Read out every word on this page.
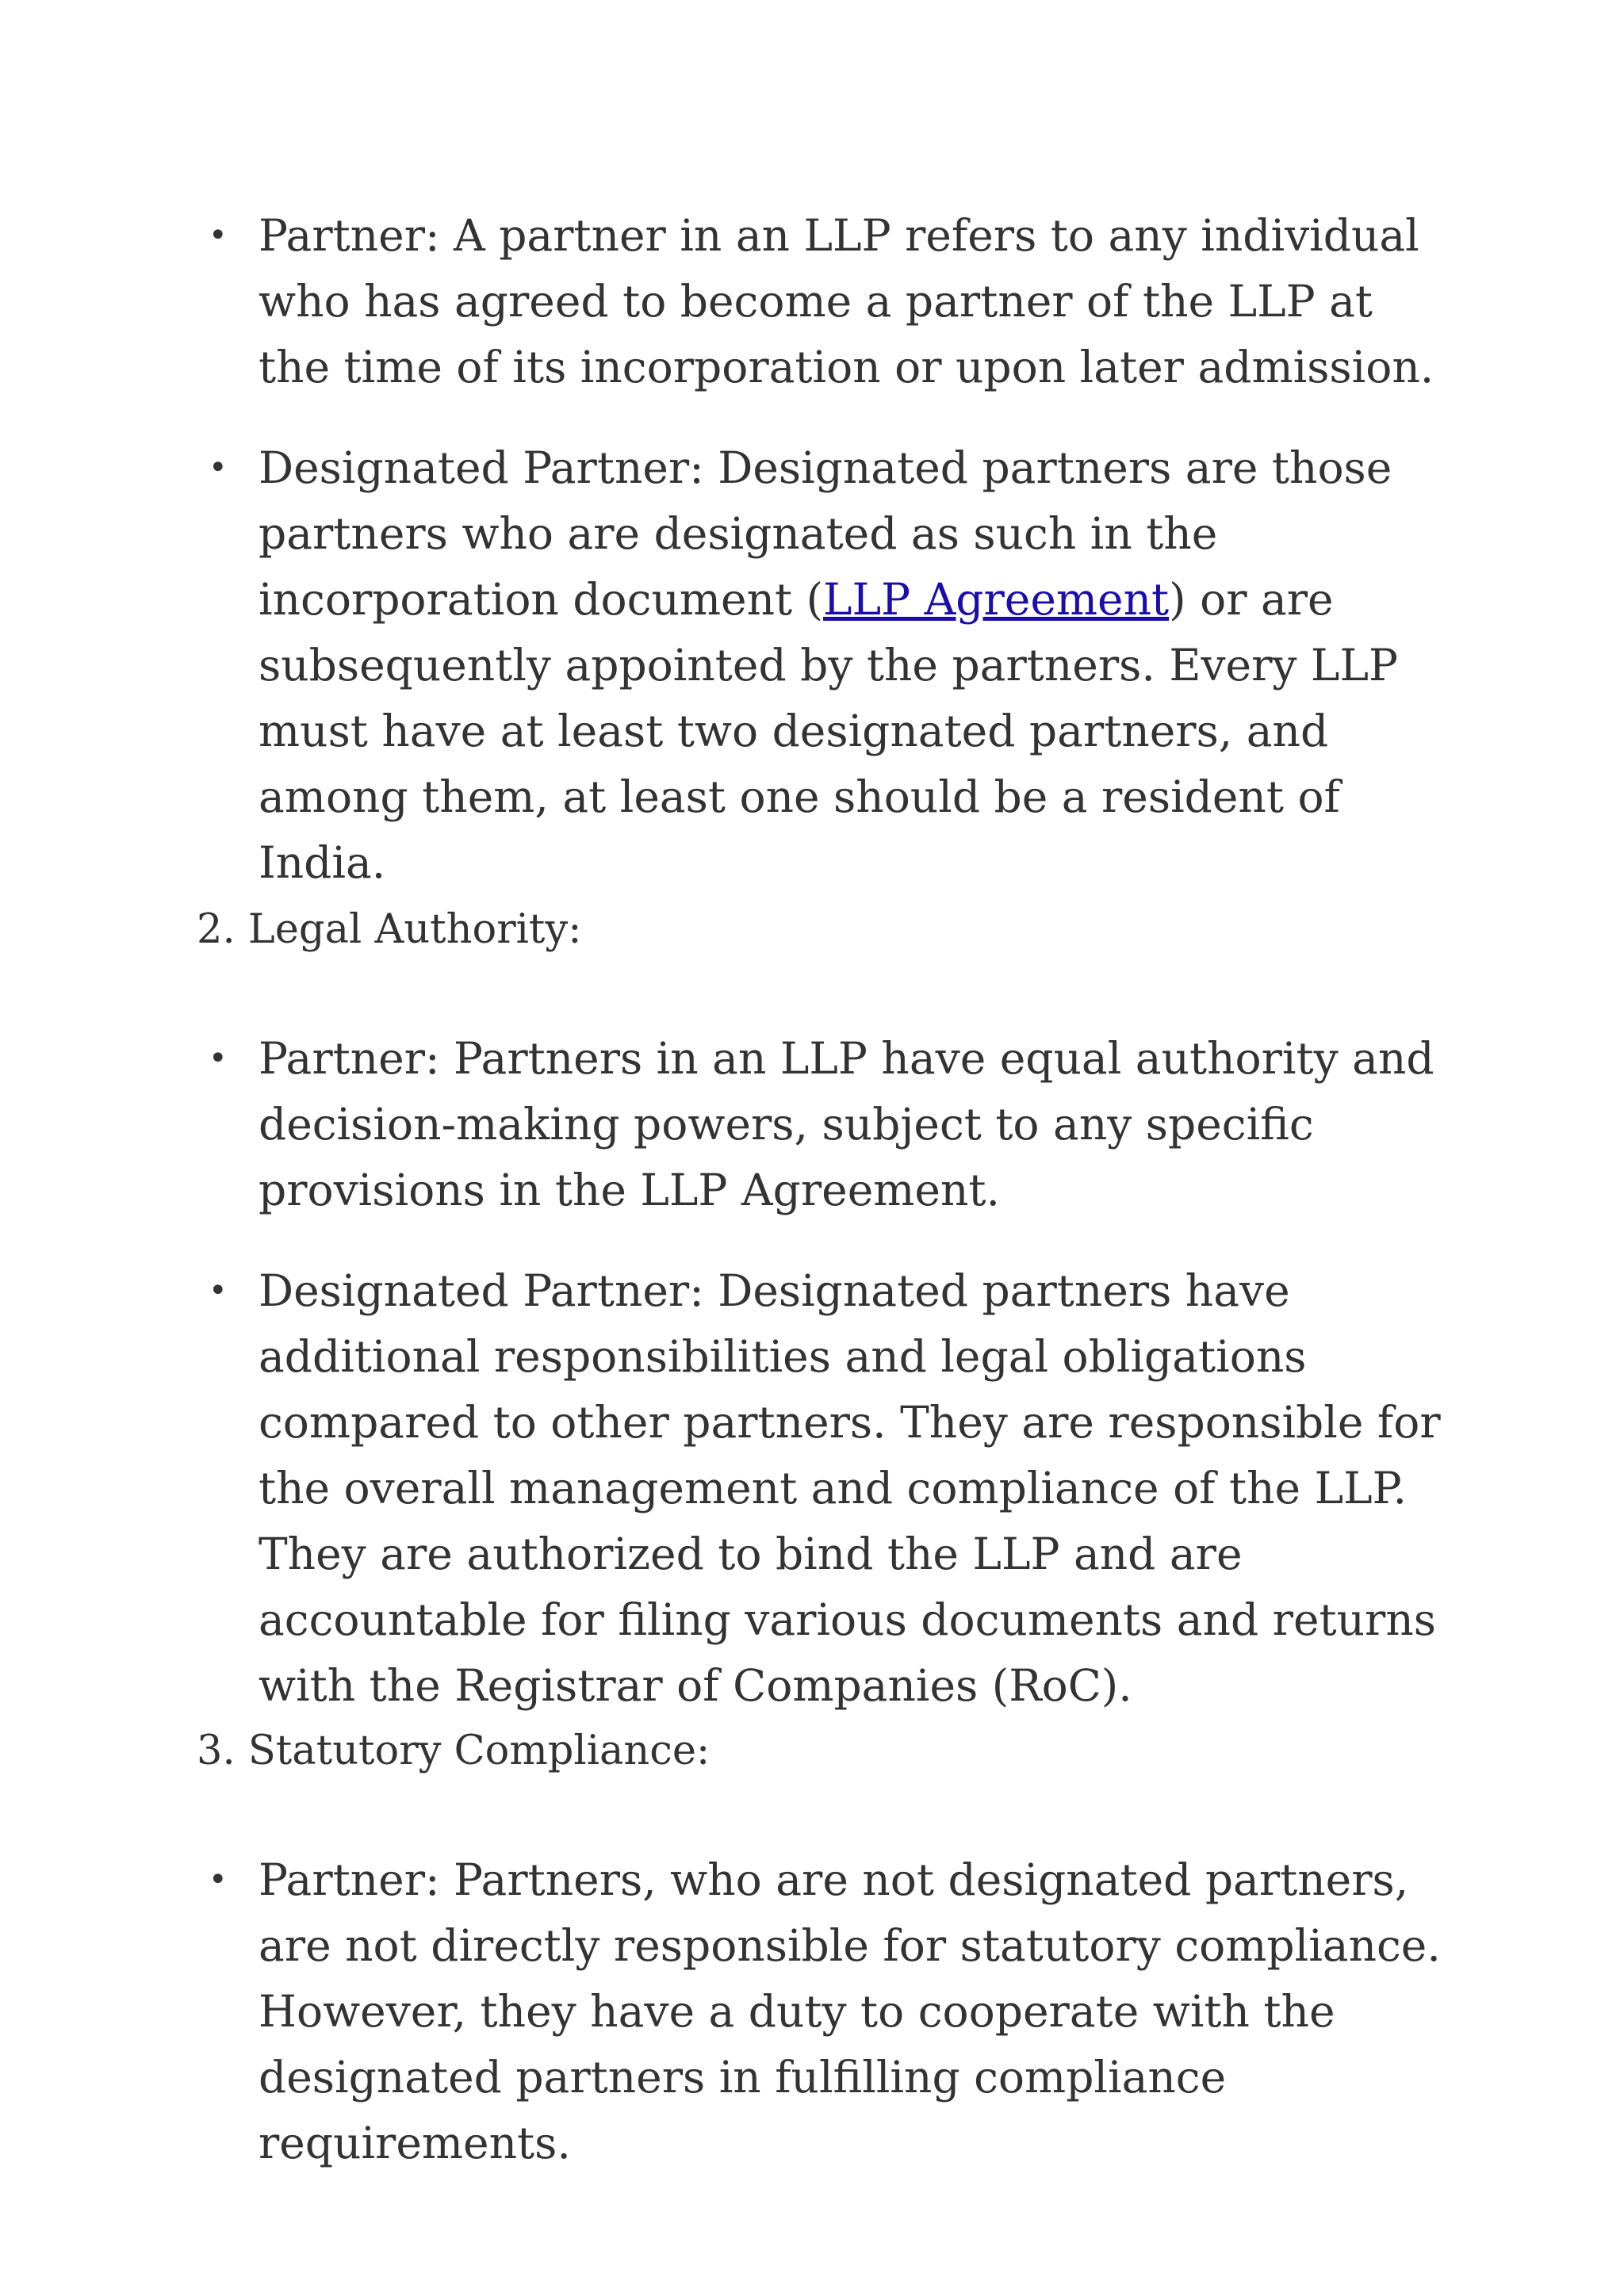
• Partner: A partner in an LLP refers to any individual who has agreed to become a partner of the LLP at the time of its incorporation or upon later admission.
• Designated Partner: Designated partners are those partners who are designated as such in the incorporation document (LLP Agreement) or are subsequently appointed by the partners. Every LLP must have at least two designated partners, and among them, at least one should be a resident of India.
2. Legal Authority:
• Partner: Partners in an LLP have equal authority and decision-making powers, subject to any specific provisions in the LLP Agreement.
• Designated Partner: Designated partners have additional responsibilities and legal obligations compared to other partners. They are responsible for the overall management and compliance of the LLP. They are authorized to bind the LLP and are accountable for filing various documents and returns with the Registrar of Companies (RoC).
3. Statutory Compliance:
• Partner: Partners, who are not designated partners, are not directly responsible for statutory compliance. However, they have a duty to cooperate with the designated partners in fulfilling compliance requirements.
